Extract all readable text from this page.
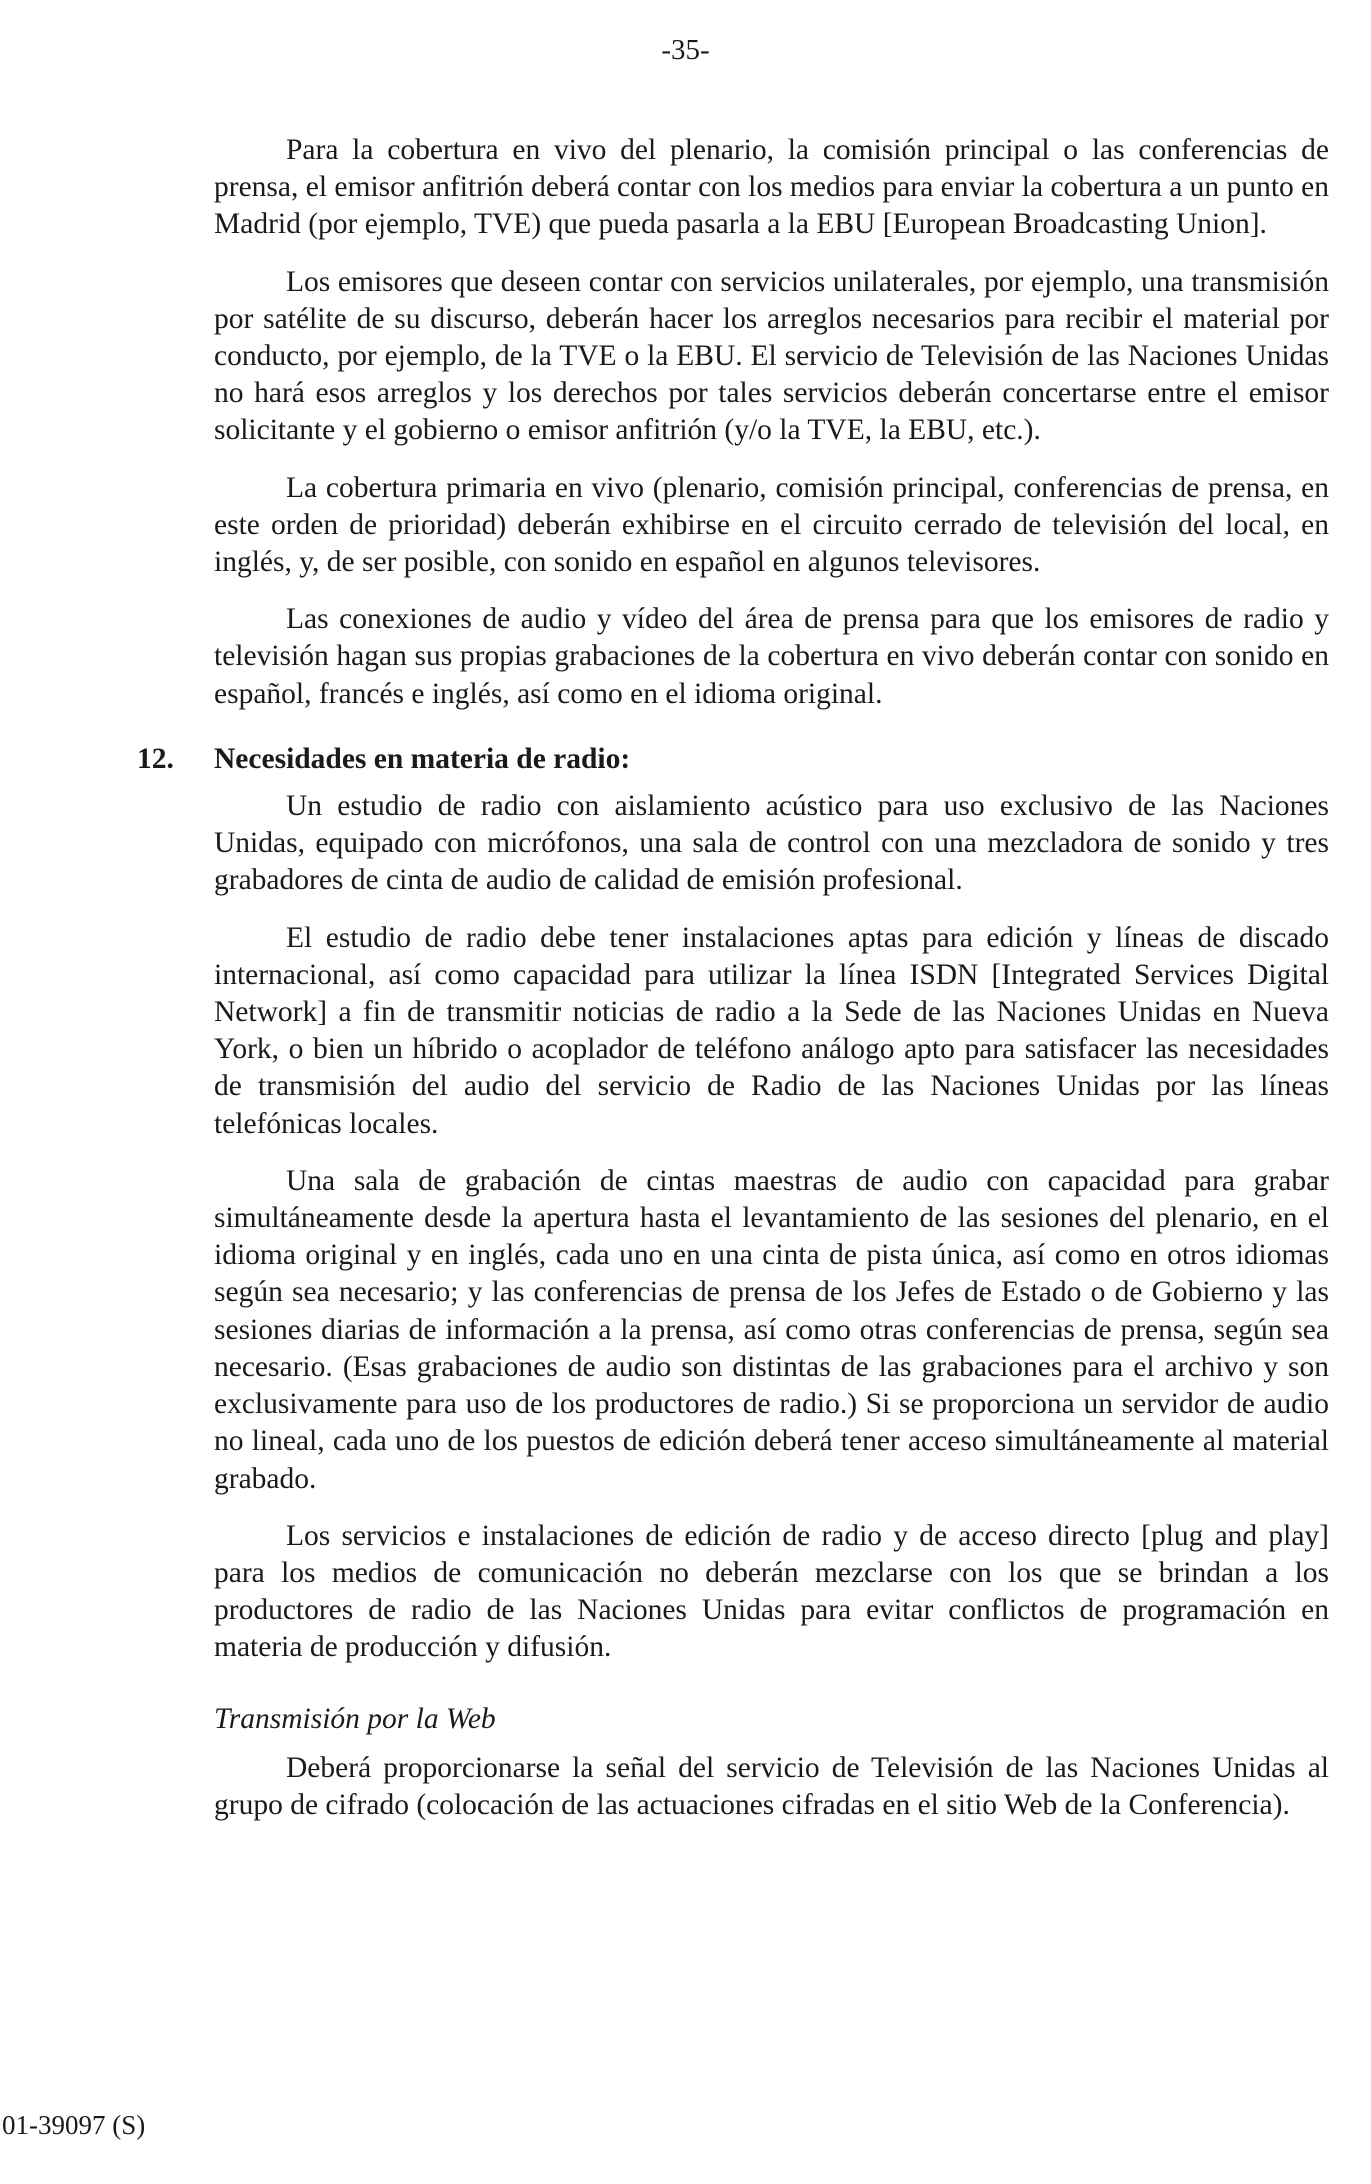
-35-

Para la cobertura en vivo del plenario, la comisión principal o las conferencias de prensa, el emisor anfitrión deberá contar con los medios para enviar la cobertura a un punto en Madrid (por ejemplo, TVE) que pueda pasarla a la EBU [European Broadcasting Union].

Los emisores que deseen contar con servicios unilaterales, por ejemplo, una transmisión por satélite de su discurso, deberán hacer los arreglos necesarios para recibir el material por conducto, por ejemplo, de la TVE o la EBU. El servicio de Televisión de las Naciones Unidas no hará esos arreglos y los derechos por tales servicios deberán concertarse entre el emisor solicitante y el gobierno o emisor anfitrión (y/o la TVE, la EBU, etc.).

La cobertura primaria en vivo (plenario, comisión principal, conferencias de prensa, en este orden de prioridad) deberán exhibirse en el circuito cerrado de televisión del local, en inglés, y, de ser posible, con sonido en español en algunos televisores.

Las conexiones de audio y vídeo del área de prensa para que los emisores de radio y televisión hagan sus propias grabaciones de la cobertura en vivo deberán contar con sonido en español, francés e inglés, así como en el idioma original.

12. Necesidades en materia de radio:

Un estudio de radio con aislamiento acústico para uso exclusivo de las Naciones Unidas, equipado con micrófonos, una sala de control con una mezcladora de sonido y tres grabadores de cinta de audio de calidad de emisión profesional.

El estudio de radio debe tener instalaciones aptas para edición y líneas de discado internacional, así como capacidad para utilizar la línea ISDN [Integrated Services Digital Network] a fin de transmitir noticias de radio a la Sede de las Naciones Unidas en Nueva York, o bien un híbrido o acoplador de teléfono análogo apto para satisfacer las necesidades de transmisión del audio del servicio de Radio de las Naciones Unidas por las líneas telefónicas locales.

Una sala de grabación de cintas maestras de audio con capacidad para grabar simultáneamente desde la apertura hasta el levantamiento de las sesiones del plenario, en el idioma original y en inglés, cada uno en una cinta de pista única, así como en otros idiomas según sea necesario; y las conferencias de prensa de los Jefes de Estado o de Gobierno y las sesiones diarias de información a la prensa, así como otras conferencias de prensa, según sea necesario. (Esas grabaciones de audio son distintas de las grabaciones para el archivo y son exclusivamente para uso de los productores de radio.) Si se proporciona un servidor de audio no lineal, cada uno de los puestos de edición deberá tener acceso simultáneamente al material grabado.

Los servicios e instalaciones de edición de radio y de acceso directo [plug and play] para los medios de comunicación no deberán mezclarse con los que se brindan a los productores de radio de las Naciones Unidas para evitar conflictos de programación en materia de producción y difusión.

Transmisión por la Web

Deberá proporcionarse la señal del servicio de Televisión de las Naciones Unidas al grupo de cifrado (colocación de las actuaciones cifradas en el sitio Web de la Conferencia).

01-39097 (S)
